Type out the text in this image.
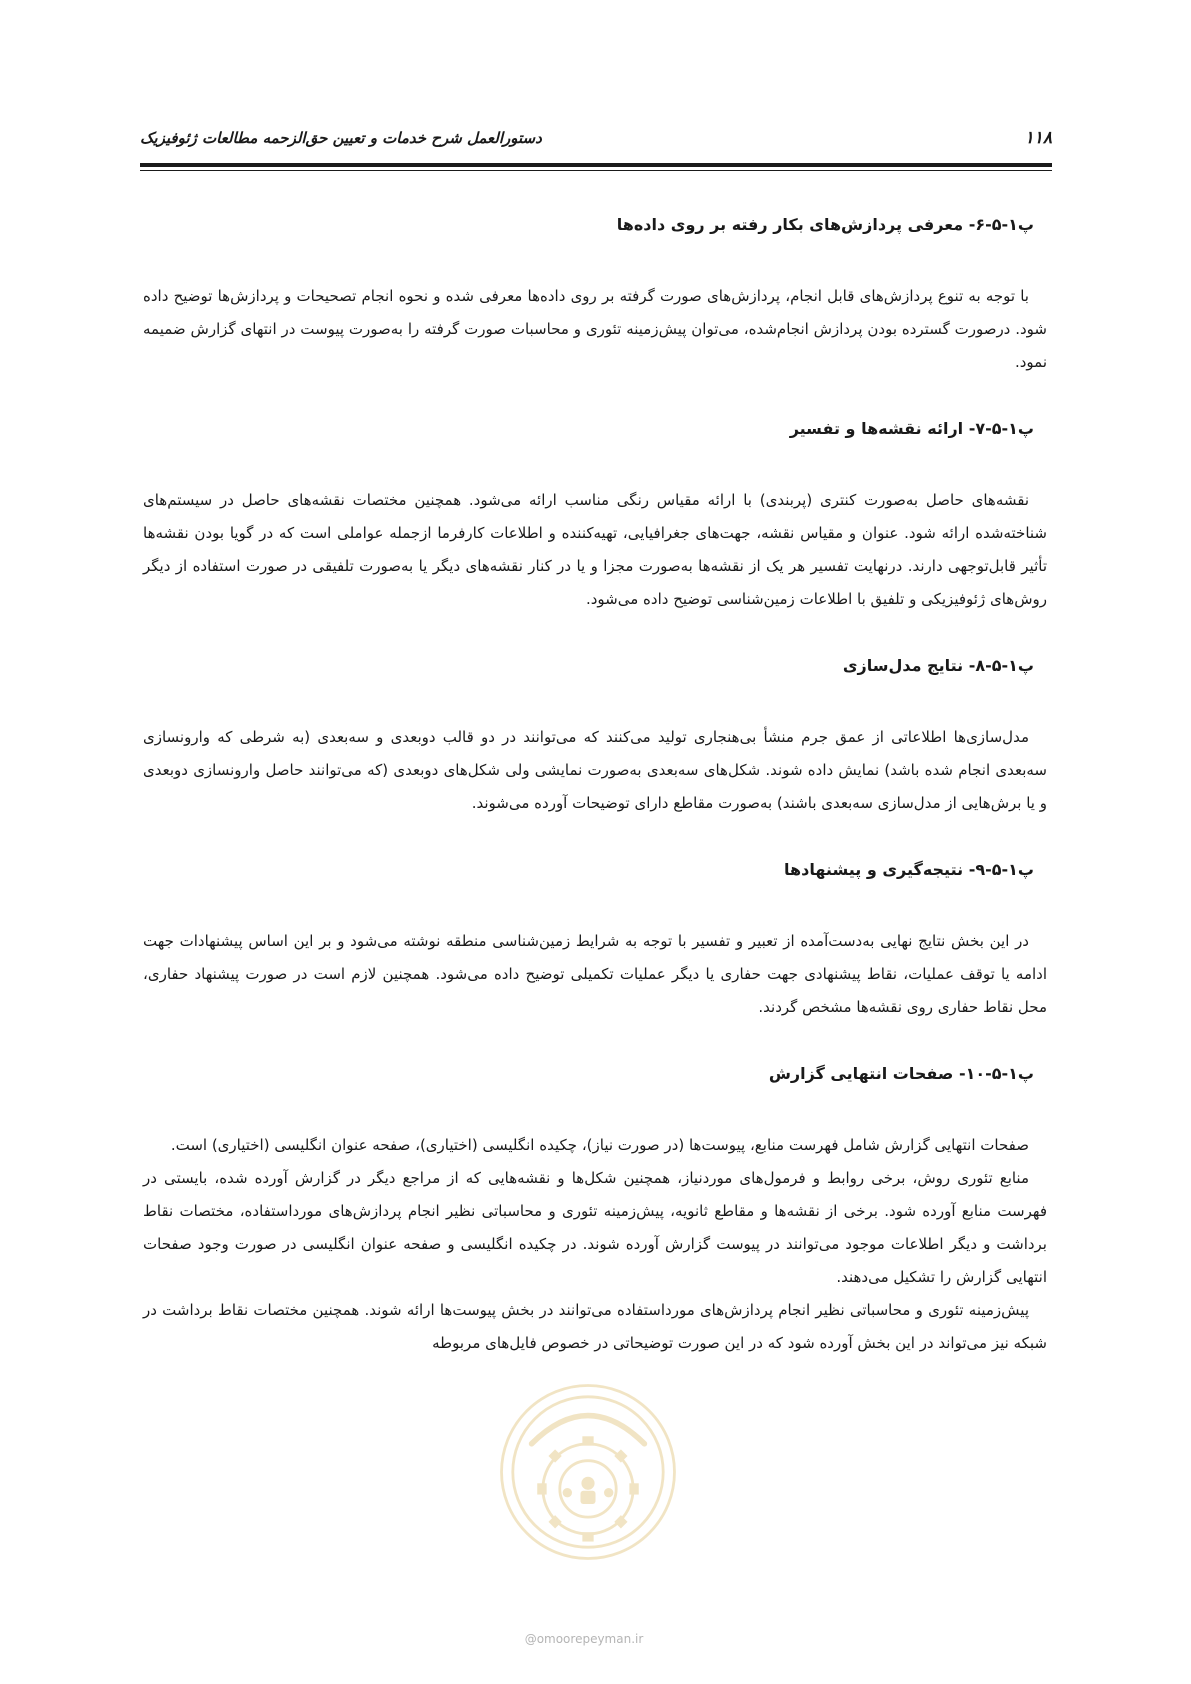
۱۱۸
دستورالعمل شرح خدمات و تعیین حق‌الزحمه مطالعات ژئوفیزیک
پ۱-۵-۶- معرفی پردازش‌های بکار رفته بر روی داده‌ها

با توجه به تنوع پردازش‌های قابل انجام، پردازش‌های صورت گرفته بر روی داده‌ها معرفی شده و نحوه انجام تصحیحات و پردازش‌ها توضیح داده شود. درصورت گسترده بودن پردازش انجام‌شده، می‌توان پیش‌زمینه تئوری و محاسبات صورت گرفته را به‌صورت پیوست در انتهای گزارش ضمیمه نمود.

پ۱-۵-۷- ارائه نقشه‌ها و تفسیر

نقشه‌های حاصل به‌صورت کنتری (پربندی) با ارائه مقیاس رنگی مناسب ارائه می‌شود. همچنین مختصات نقشه‌های حاصل در سیستم‌های شناخته‌شده ارائه شود. عنوان و مقیاس نقشه، جهت‌های جغرافیایی، تهیه‌کننده و اطلاعات کارفرما ازجمله عواملی است که در گویا بودن نقشه‌ها تأثیر قابل‌توجهی دارند. درنهایت تفسیر هر یک از نقشه‌ها به‌صورت مجزا و یا در کنار نقشه‌های دیگر یا به‌صورت تلفیقی در صورت استفاده از دیگر روش‌های ژئوفیزیکی و تلفیق با اطلاعات زمین‌شناسی توضیح داده می‌شود.

پ۱-۵-۸- نتایج مدل‌سازی

مدل‌سازی‌ها اطلاعاتی از عمق جرم منشأ بی‌هنجاری تولید می‌کنند که می‌توانند در دو قالب دوبعدی و سه‌بعدی (به شرطی که وارونسازی سه‌بعدی انجام شده باشد) نمایش داده شوند. شکل‌های سه‌بعدی به‌صورت نمایشی ولی شکل‌های دوبعدی (که می‌توانند حاصل وارونسازی دوبعدی و یا برش‌هایی از مدل‌سازی سه‌بعدی باشند) به‌صورت مقاطع دارای توضیحات آورده می‌شوند.

پ۱-۵-۹- نتیجه‌گیری و پیشنهادها

در این بخش نتایج نهایی به‌دست‌آمده از تعبیر و تفسیر با توجه به شرایط زمین‌شناسی منطقه نوشته می‌شود و بر این اساس پیشنهادات جهت ادامه یا توقف عملیات، نقاط پیشنهادی جهت حفاری یا دیگر عملیات تکمیلی توضیح داده می‌شود. همچنین لازم است در صورت پیشنهاد حفاری، محل نقاط حفاری روی نقشه‌ها مشخص گردند.

پ۱-۵-۱۰- صفحات انتهایی گزارش

صفحات انتهایی گزارش شامل فهرست منابع، پیوست‌ها (در صورت نیاز)، چکیده انگلیسی (اختیاری)، صفحه عنوان انگلیسی (اختیاری) است.

منابع تئوری روش، برخی روابط و فرمول‌های موردنیاز، همچنین شکل‌ها و نقشه‌هایی که از مراجع دیگر در گزارش آورده شده، بایستی در فهرست منابع آورده شود. برخی از نقشه‌ها و مقاطع ثانویه، پیش‌زمینه تئوری و محاسباتی نظیر انجام پردازش‌های مورداستفاده، مختصات نقاط برداشت و دیگر اطلاعات موجود می‌توانند در پیوست گزارش آورده شوند. در چکیده انگلیسی و صفحه عنوان انگلیسی در صورت وجود صفحات انتهایی گزارش را تشکیل می‌دهند.

پیش‌زمینه تئوری و محاسباتی نظیر انجام پردازش‌های مورداستفاده می‌توانند در بخش پیوست‌ها ارائه شوند. همچنین مختصات نقاط برداشت در شبکه نیز می‌تواند در این بخش آورده شود که در این صورت توضیحاتی در خصوص فایل‌های مربوطه

@omoorepeyman.ir
